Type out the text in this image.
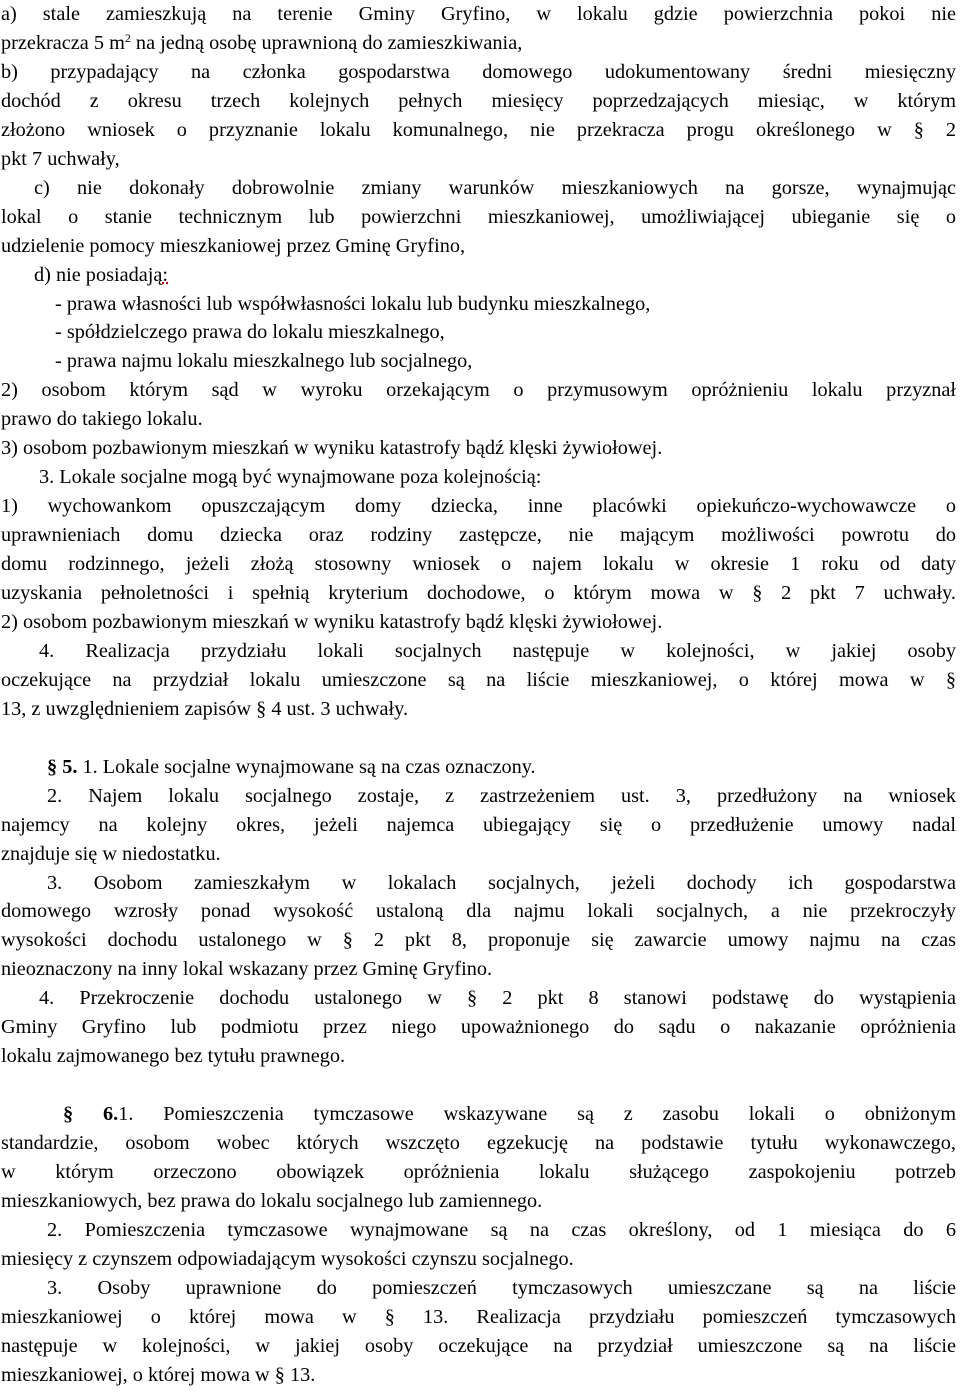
a) stale zamieszkują na terenie Gminy Gryfino, w lokalu gdzie powierzchnia pokoi nie
przekracza 5 $m^2$ na jedną osobę uprawnioną do zamieszkiwania,
b) przypadający na członka gospodarstwa domowego udokumentowany średni miesięczny
dochód z okresu trzech kolejnych pełnych miesięcy poprzedzających miesiąc, w którym
złożono wniosek o przyznanie lokalu komunalnego, nie przekracza progu określonego w § 2
pkt 7 uchwały,
c) nie dokonały dobrowolnie zmiany warunków mieszkaniowych na gorsze, wynajmując
lokal o stanie technicznym lub powierzchni mieszkaniowej, umożliwiającej ubieganie się o
udzielenie pomocy mieszkaniowej przez Gminę Gryfino,
d) nie posiadają:
- prawa własności lub współwłasności lokalu lub budynku mieszkalnego,
- spółdzielczego prawa do lokalu mieszkalnego,
- prawa najmu lokalu mieszkalnego lub socjalnego,
2) osobom którym sąd w wyroku orzekającym o przymusowym opróżnieniu lokalu przyznał
prawo do takiego lokalu.
3) osobom pozbawionym mieszkań w wyniku katastrofy bądź klęski żywiołowej.
3. Lokale socjalne mogą być wynajmowane poza kolejnością:
1) wychowankom opuszczającym domy dziecka, inne placówki opiekuńczo-wychowawcze o
uprawnieniach domu dziecka oraz rodziny zastępcze, nie mającym możliwości powrotu do
domu rodzinnego, jeżeli złożą stosowny wniosek o najem lokalu w okresie 1 roku od daty
uzyskania pełnoletności i spełnią kryterium dochodowe, o którym mowa w § 2 pkt 7 uchwały.
2) osobom pozbawionym mieszkań w wyniku katastrofy bądź klęski żywiołowej.
4. Realizacja przydziału lokali socjalnych następuje w kolejności, w jakiej osoby
oczekujące na przydział lokalu umieszczone są na liście mieszkaniowej, o której mowa w §
13, z uwzględnieniem zapisów § 4 ust. 3 uchwały.
§ 5. 1. Lokale socjalne wynajmowane są na czas oznaczony.
2. Najem lokalu socjalnego zostaje, z zastrzeżeniem ust. 3, przedłużony na wniosek
najemcy na kolejny okres, jeżeli najemca ubiegający się o przedłużenie umowy nadal
znajduje się w niedostatku.
3. Osobom zamieszkałym w lokalach socjalnych, jeżeli dochody ich gospodarstwa
domowego wzrosły ponad wysokość ustaloną dla najmu lokali socjalnych, a nie przekroczyły
wysokości dochodu ustalonego w § 2 pkt 8, proponuje się zawarcie umowy najmu na czas
nieoznaczony na inny lokal wskazany przez Gminę Gryfino.
4. Przekroczenie dochodu ustalonego w § 2 pkt 8 stanowi podstawę do wystąpienia
Gminy Gryfino lub podmiotu przez niego upoważnionego do sądu o nakazanie opróżnienia
lokalu zajmowanego bez tytułu prawnego.
§ 6.1. Pomieszczenia tymczasowe wskazywane są z zasobu lokali o obniżonym
standardzie, osobom wobec których wszczęto egzekucję na podstawie tytułu wykonawczego,
w którym orzeczono obowiązek opróżnienia lokalu służącego zaspokojeniu potrzeb
mieszkaniowych, bez prawa do lokalu socjalnego lub zamiennego.
2. Pomieszczenia tymczasowe wynajmowane są na czas określony, od 1 miesiąca do 6
miesięcy z czynszem odpowiadającym wysokości czynszu socjalnego.
3. Osoby uprawnione do pomieszczeń tymczasowych umieszczane są na liście
mieszkaniowej o której mowa w § 13. Realizacja przydziału pomieszczeń tymczasowych
następuje w kolejności, w jakiej osoby oczekujące na przydział umieszczone są na liście
mieszkaniowej, o której mowa w § 13.
